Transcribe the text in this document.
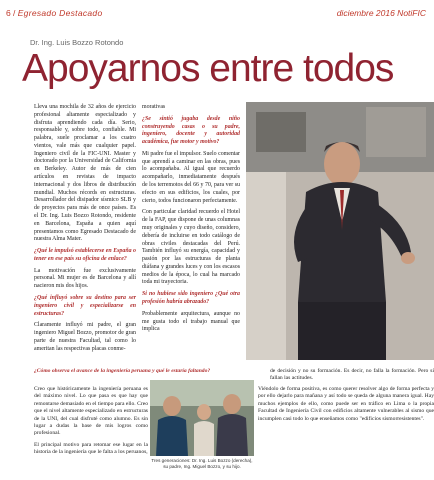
6 / Egresado Destacado	diciembre 2016 NotiFIC
Dr. Ing. Luis Bozzo Rotondo
Apoyarnos entre todos

Lleva una mochila de 32 años de ejercicio profesional altamente especializado y disfruta aprendiendo cada día. Serio, responsable y, sobre todo, confiable. Mi palabra, suele proclamar a los cuatro vientos, vale más que cualquier papel. Ingeniero civil de la FIC-UNI. Master y doctorado por la Universidad de California en Berkeley. Autor de más de cien artículos en revistas de impacto internacional y dos libros de distribución mundial. Muchos récords en estructuras. Desarrollador del disipador sísmico SLB y de proyectos para más de once países. Es el Dr. Ing. Luis Bozzo Rotondo, residente en Barcelona, España a quien aquí presentamos como Egresado Destacado de nuestra Alma Mater.

¿Qué le impulsó establecerse en España o tener en ese país su oficina de enlace?

La motivación fue exclusivamente personal. Mi mujer es de Barcelona y allí nacieron mis dos hijos.

¿Qué influyó sobre su destino para ser ingeniero civil y especializarse en estructuras?

Claramente influyó mi padre, el gran ingeniero Miguel Bozzo, promotor de gran parte de nuestra Facultad, tal como lo ameritan las respectivas placas conme-

morativas

¿Se sintió jugaba desde niño construyendo casas o su padre, ingeniero, docente y autoridad académica, fue motor y motivo?

Mi padre fue el impulsor. Suelo comentar que aprendí a caminar en las obras, pues lo acompañaba. Al igual que recuerdo acompañarlo, inmediatamente después de los terremotos del 66 y 70, para ver su efecto en sus edificios, los cuales, por cierto, todos funcionaron perfectamente.

Con particular claridad recuerdo el Hotel de la FAP, que dispone de unas columnas muy originales y cuyo diseño, considero, debería de incluirse en todo catálogo de obras civiles destacadas del Perú. También influyó su energía, capacidad y pasión por las estructuras de planta diáfana y grandes luces y con los escasos medios de la época, lo cual ha marcado toda mi trayectoria.

Si no hubiese sido ingeniero ¿Qué otra profesión habría abrazado?

Probablemente arquitectura, aunque no me gusta todo el trabajo manual que implica

¿Cómo observa el avance de la ingeniería peruana y qué le estaría faltando?	de decisión y no su formación. Es decir, no falla la formación. Pero sí fallan las actitudes.

Creo que históricamente la ingeniería peruana es del máximo nivel. Lo que pasa es que hay que remontarse demasiado en el tiempo para ello. Creo que el nivel altamente especializado en estructuras de la UNI, del cual disfruté como alumno. Es sin lugar a dudas la base de mis logros como profesional.

El principal motivo para retomar ese lugar en la historia de la ingeniería que le falta a los peruanos,

Tres generaciones: Dr. Ing. Luis Bozzo (derecha), su padre, Ing. Miguel Bozzo, y su hijo.
Viéndolo de forma positiva, es como querer resolver algo de forma perfecta y por ello dejarlo para mañana y así todo se queda de alguna manera igual. Hay muchos ejemplos de ello, como puede ser en tráfico en Lima o la propia Facultad de Ingeniería Civil con edificios altamente vulnerables al sismo que incumplen casi todo lo que enseñamos como "edificios sismorresistentes".
